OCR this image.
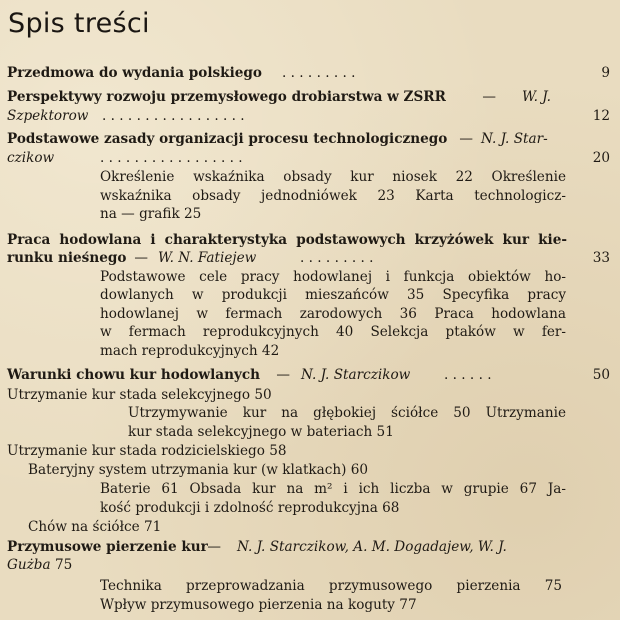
Spis treści
Przedmowa do wydania polskiego . . . . . . . . .	9
Perspektywy rozwoju przemysłowego drobiarstwa w ZSRR — W. J.
Szpektorow . . . . . . . . . . . . . . . . .	12
Podstawowe zasady organizacji procesu technologicznego — N. J. Star-
czikow	. . . . . . . . . . . . . . . . .	20
Określenie wskaźnika obsady kur niosek 22 Określenie
wskaźnika obsady jednodniówek 23 Karta technologicz-
na — grafik 25
Praca hodowlana i charakterystyka podstawowych krzyżówek kur kie-
runku nieśnego — W. N. Fatiejew	. . . . . . . . .	33
Podstawowe cele pracy hodowlanej i funkcja obiektów ho-
dowlanych w produkcji mieszańców 35 Specyfika pracy
hodowlanej w fermach zarodowych 36 Praca hodowlana
w fermach reprodukcyjnych 40 Selekcja ptaków w fer-
mach reprodukcyjnych 42
Warunki chowu kur hodowlanych — N. J. Starczikow . . . . . .	50
Utrzymanie kur stada selekcyjnego 50
Utrzymywanie kur na głębokiej ściółce 50 Utrzymanie
kur stada selekcyjnego w bateriach 51
Utrzymanie kur stada rodzicielskiego 58
Bateryjny system utrzymania kur (w klatkach) 60
Baterie 61 Obsada kur na m² i ich liczba w grupie 67 Ja-
kość produkcji i zdolność reprodukcyjna 68
Chów na ściółce 71
Przymusowe pierzenie kur
— N. J. Starczikow, A. M. Dogadajew, W. J.
Gużba 75
Technika przeprowadzania przymusowego pierzenia 75
Wpływ przymusowego pierzenia na koguty 77
